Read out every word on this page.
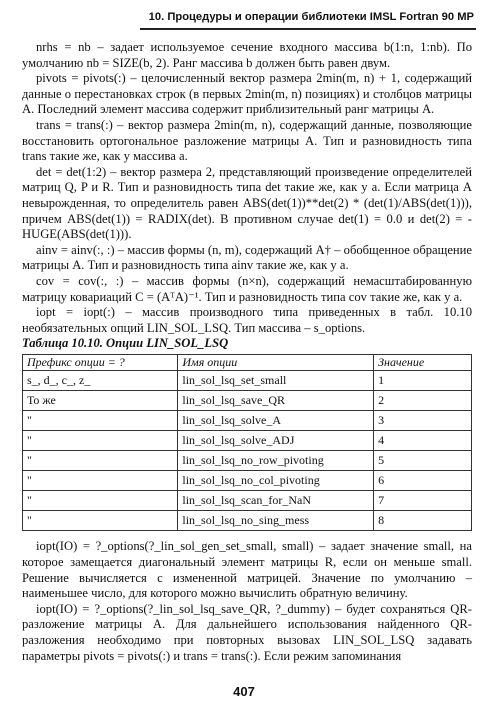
10. Процедуры и операции библиотеки IMSL Fortran 90 MP

nrhs = nb – задает используемое сечение входного массива b(1:n, 1:nb). По умолчанию nb = SIZE(b, 2). Ранг массива b должен быть равен двум.

pivots = pivots(:) – целочисленный вектор размера 2min(m, n) + 1, содержащий данные о перестановках строк (в первых 2min(m, n) позициях) и столбцов матрицы A. Последний элемент массива содержит приблизительный ранг матрицы A.

trans = trans(:) – вектор размера 2min(m, n), содержащий данные, позволяющие восстановить ортогональное разложение матрицы A. Тип и разновидность типа trans такие же, как у массива a.

det = det(1:2) – вектор размера 2, представляющий произведение определителей матриц Q, P и R. Тип и разновидность типа det такие же, как у a. Если матрица A невырожденная, то определитель равен ABS(det(1))**det(2) * (det(1)/ABS(det(1))), причем ABS(det(1)) = RADIX(det). В противном случае det(1) = 0.0 и det(2) = -HUGE(ABS(det(1))).

ainv = ainv(:, :) – массив формы (n, m), содержащий A† – обобщенное обращение матрицы A. Тип и разновидность типа ainv такие же, как у a.

cov = cov(:, :) – массив формы (n×n), содержащий немасштабированную матрицу ковариаций C = (AᵀA)⁻¹. Тип и разновидность типа cov такие же, как у a.

iopt = iopt(:) – массив производного типа приведенных в табл. 10.10 необязательных опций LIN_SOL_LSQ. Тип массива – s_options.

Таблица 10.10. Опции LIN_SOL_LSQ

Префикс опции = ?	Имя опции	Значение
s_, d_, c_, z_	lin_sol_lsq_set_small	1
То же	lin_sol_lsq_save_QR	2
"	lin_sol_lsq_solve_A	3
"	lin_sol_lsq_solve_ADJ	4
"	lin_sol_lsq_no_row_pivoting	5
"	lin_sol_lsq_no_col_pivoting	6
"	lin_sol_lsq_scan_for_NaN	7
"	lin_sol_lsq_no_sing_mess	8

iopt(IO) = ?_options(?_lin_sol_gen_set_small, small) – задает значение small, на которое замещается диагональный элемент матрицы R, если он меньше small. Решение вычисляется с измененной матрицей. Значение по умолчанию – наименьшее число, для которого можно вычислить обратную величину.

iopt(IO) = ?_options(?_lin_sol_lsq_save_QR, ?_dummy) – будет сохраняться QR-разложение матрицы A. Для дальнейшего использования найденного QR-разложения необходимо при повторных вызовах LIN_SOL_LSQ задавать параметры pivots = pivots(:) и trans = trans(:). Если режим запоминания

407
